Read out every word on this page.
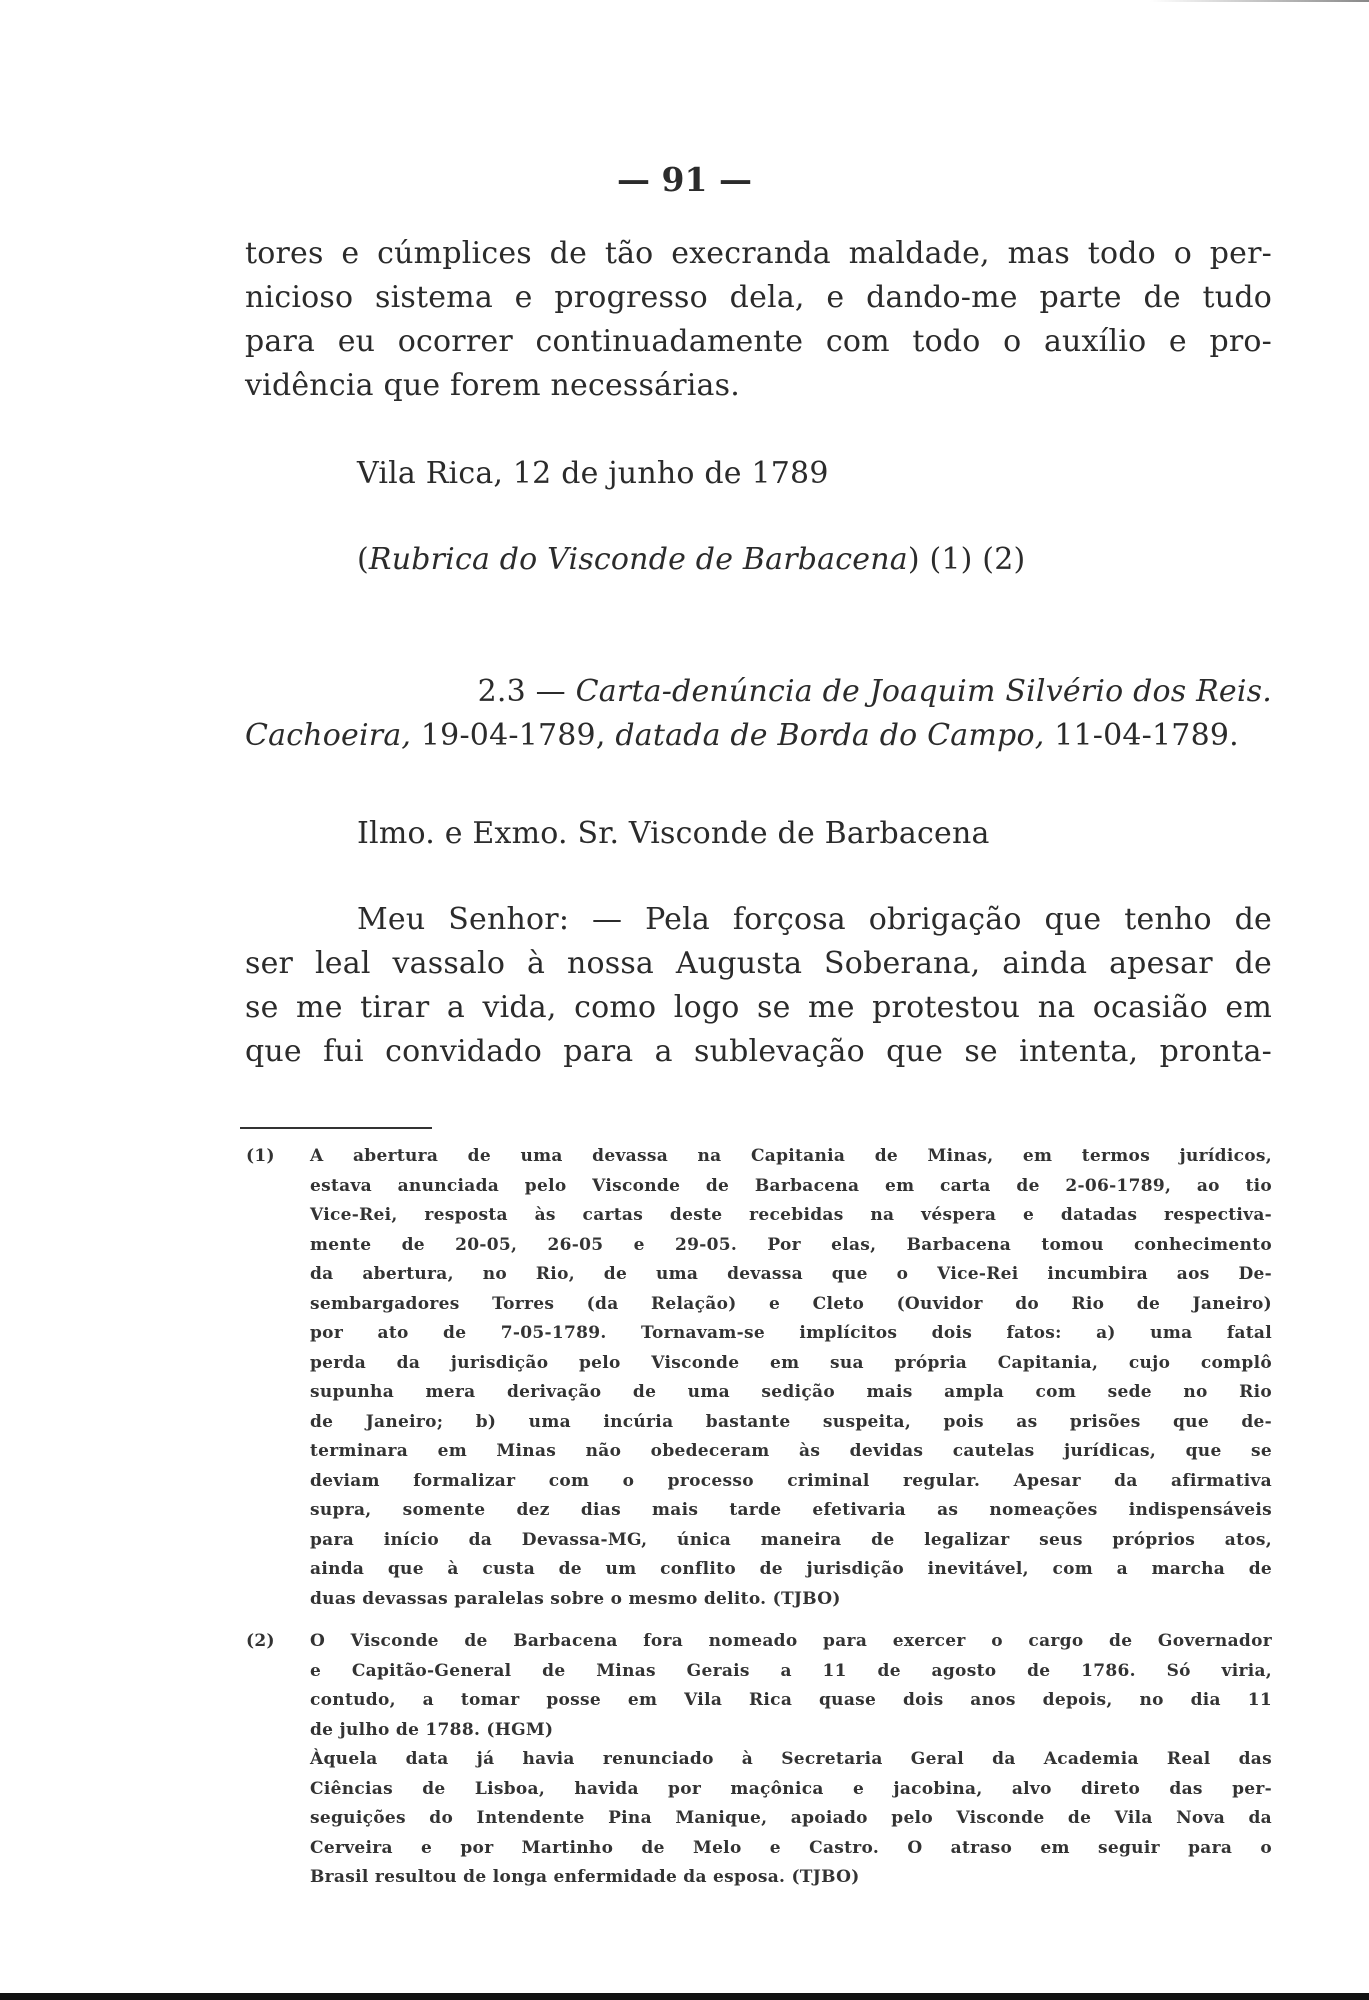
— 91 —
tores e cúmplices de tão execranda maldade, mas todo o per-
nicioso sistema e progresso dela, e dando-me parte de tudo
para eu ocorrer continuadamente com todo o auxílio e pro-
vidência que forem necessárias.
Vila Rica, 12 de junho de 1789
(Rubrica do Visconde de Barbacena) (1) (2)
2.3 — Carta-denúncia de Joaquim Silvério dos Reis.
Cachoeira, 19-04-1789, datada de Borda do Campo, 11-04-1789.
Ilmo. e Exmo. Sr. Visconde de Barbacena
Meu Senhor: — Pela forçosa obrigação que tenho de
ser leal vassalo à nossa Augusta Soberana, ainda apesar de
se me tirar a vida, como logo se me protestou na ocasião em
que fui convidado para a sublevação que se intenta, pronta-
(1) A abertura de uma devassa na Capitania de Minas, em termos jurídicos,
estava anunciada pelo Visconde de Barbacena em carta de 2-06-1789, ao tio
Vice-Rei, resposta às cartas deste recebidas na véspera e datadas respectiva-
mente de 20-05, 26-05 e 29-05. Por elas, Barbacena tomou conhecimento
da abertura, no Rio, de uma devassa que o Vice-Rei incumbira aos De-
sembargadores Torres (da Relação) e Cleto (Ouvidor do Rio de Janeiro)
por ato de 7-05-1789. Tornavam-se implícitos dois fatos: a) uma fatal
perda da jurisdição pelo Visconde em sua própria Capitania, cujo complô
supunha mera derivação de uma sedição mais ampla com sede no Rio
de Janeiro; b) uma incúria bastante suspeita, pois as prisões que de-
terminara em Minas não obedeceram às devidas cautelas jurídicas, que se
deviam formalizar com o processo criminal regular. Apesar da afirmativa
supra, somente dez dias mais tarde efetivaria as nomeações indispensáveis
para início da Devassa-MG, única maneira de legalizar seus próprios atos,
ainda que à custa de um conflito de jurisdição inevitável, com a marcha de
duas devassas paralelas sobre o mesmo delito. (TJBO)
(2) O Visconde de Barbacena fora nomeado para exercer o cargo de Governador
e Capitão-General de Minas Gerais a 11 de agosto de 1786. Só viria,
contudo, a tomar posse em Vila Rica quase dois anos depois, no dia 11
de julho de 1788. (HGM)
Àquela data já havia renunciado à Secretaria Geral da Academia Real das
Ciências de Lisboa, havida por maçônica e jacobina, alvo direto das per-
seguições do Intendente Pina Manique, apoiado pelo Visconde de Vila Nova da
Cerveira e por Martinho de Melo e Castro. O atraso em seguir para o
Brasil resultou de longa enfermidade da esposa. (TJBO)
